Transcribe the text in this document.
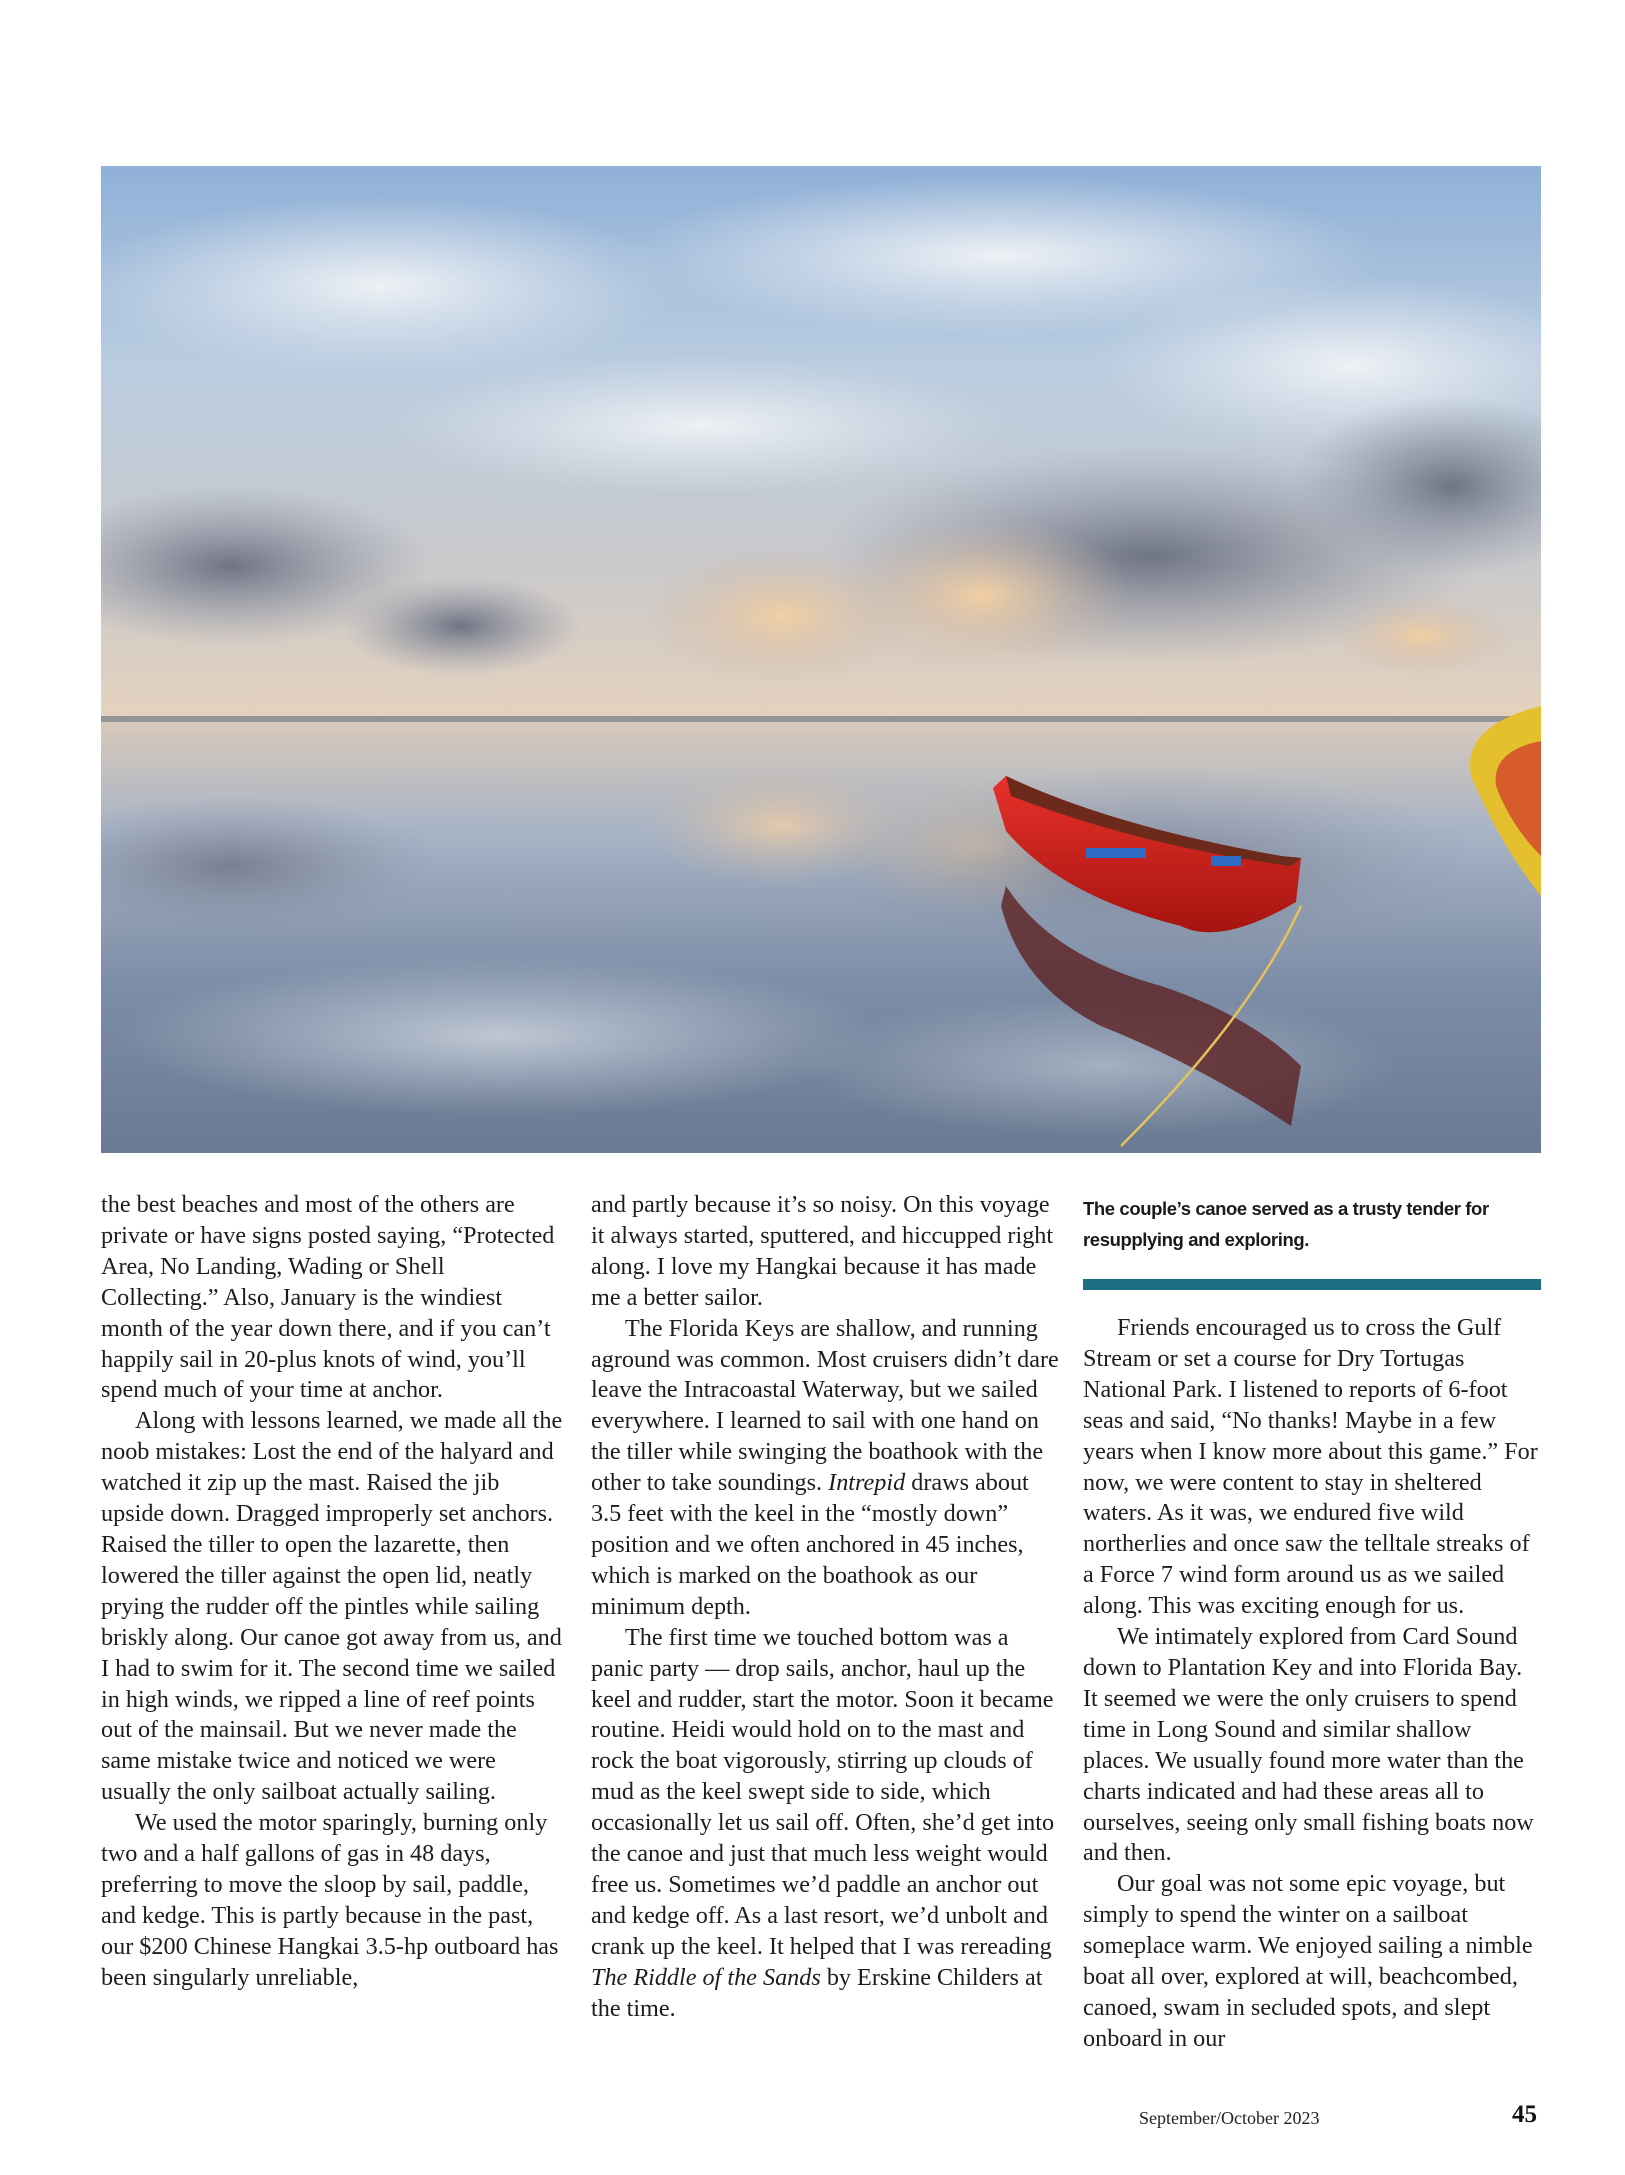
the best beaches and most of the others are private or have signs posted saying, “Protected Area, No Landing, Wading or Shell Collecting.” Also, January is the windiest month of the year down there, and if you can’t happily sail in 20-plus knots of wind, you’ll spend much of your time at anchor.

Along with lessons learned, we made all the noob mistakes: Lost the end of the halyard and watched it zip up the mast. Raised the jib upside down. Dragged improperly set anchors. Raised the tiller to open the lazarette, then lowered the tiller against the open lid, neatly prying the rudder off the pintles while sailing briskly along. Our canoe got away from us, and I had to swim for it. The second time we sailed in high winds, we ripped a line of reef points out of the mainsail. But we never made the same mistake twice and noticed we were usually the only sailboat actually sailing.

We used the motor sparingly, burning only two and a half gallons of gas in 48 days, preferring to move the sloop by sail, paddle, and kedge. This is partly because in the past, our $200 Chinese Hangkai 3.5-hp outboard has been singularly unreliable,

and partly because it’s so noisy. On this voyage it always started, sputtered, and hiccupped right along. I love my Hangkai because it has made me a better sailor.

The Florida Keys are shallow, and running aground was common. Most cruisers didn’t dare leave the Intracoastal Waterway, but we sailed everywhere. I learned to sail with one hand on the tiller while swinging the boathook with the other to take soundings. Intrepid draws about 3.5 feet with the keel in the “mostly down” position and we often anchored in 45 inches, which is marked on the boathook as our minimum depth.

The first time we touched bottom was a panic party — drop sails, anchor, haul up the keel and rudder, start the motor. Soon it became routine. Heidi would hold on to the mast and rock the boat vigorously, stirring up clouds of mud as the keel swept side to side, which occasionally let us sail off. Often, she’d get into the canoe and just that much less weight would free us. Sometimes we’d paddle an anchor out and kedge off. As a last resort, we’d unbolt and crank up the keel. It helped that I was rereading The Riddle of the Sands by Erskine Childers at the time.

The couple’s canoe served as a trusty tender for resupplying and exploring.

Friends encouraged us to cross the Gulf Stream or set a course for Dry Tortugas National Park. I listened to reports of 6-foot seas and said, “No thanks! Maybe in a few years when I know more about this game.” For now, we were content to stay in sheltered waters. As it was, we endured five wild northerlies and once saw the telltale streaks of a Force 7 wind form around us as we sailed along. This was exciting enough for us.

We intimately explored from Card Sound down to Plantation Key and into Florida Bay. It seemed we were the only cruisers to spend time in Long Sound and similar shallow places. We usually found more water than the charts indicated and had these areas all to ourselves, seeing only small fishing boats now and then.

Our goal was not some epic voyage, but simply to spend the winter on a sailboat someplace warm. We enjoyed sailing a nimble boat all over, explored at will, beachcombed, canoed, swam in secluded spots, and slept onboard in our

September/October 2023	45
